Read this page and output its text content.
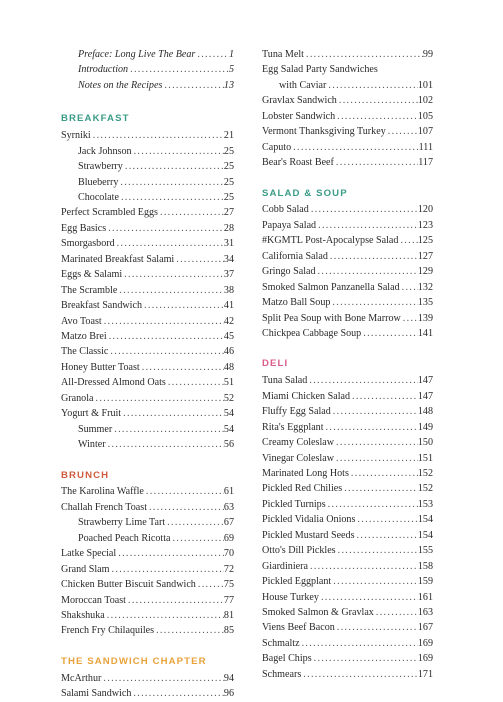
Preface: Long Live The Bear . . .	1
Introduction . . .	5
Notes on the Recipes . . .	13
BREAKFAST
Syrniki . . .	21
Jack Johnson . . .	25
Strawberry . . .	25
Blueberry . . .	25
Chocolate . . .	25
Perfect Scrambled Eggs . . .	27
Egg Basics . . .	28
Smorgasbord . . .	31
Marinated Breakfast Salami . . .	34
Eggs & Salami . . .	37
The Scramble . . .	38
Breakfast Sandwich . . .	41
Avo Toast . . .	42
Matzo Brei . . .	45
The Classic . . .	46
Honey Butter Toast . . .	48
All-Dressed Almond Oats . . .	51
Granola . . .	52
Yogurt & Fruit . . .	54
Summer . . .	54
Winter . . .	56
BRUNCH
The Karolina Waffle . . .	61
Challah French Toast . . .	63
Strawberry Lime Tart . . .	67
Poached Peach Ricotta . . .	69
Latke Special . . .	70
Grand Slam . . .	72
Chicken Butter Biscuit Sandwich . . .	75
Moroccan Toast . . .	77
Shakshuka . . .	81
French Fry Chilaquiles . . .	85
THE SANDWICH CHAPTER
McArthur . . .	94
Salami Sandwich . . .	96
Tuna Melt . . .	99
Egg Salad Party Sandwiches
with Caviar . . .	101
Gravlax Sandwich . . .	102
Lobster Sandwich . . .	105
Vermont Thanksgiving Turkey . . .	107
Caputo . . .	111
Bear's Roast Beef . . .	117
SALAD & SOUP
Cobb Salad . . .	120
Papaya Salad . . .	123
#KGMTL Post-Apocalypse Salad . . . 125
California Salad . . .	127
Gringo Salad . . .	129
Smoked Salmon Panzanella Salad . . . 132
Matzo Ball Soup . . .	135
Split Pea Soup with Bone Marrow . . . 139
Chickpea Cabbage Soup . . .	141
DELI
Tuna Salad . . .	147
Miami Chicken Salad . . .	147
Fluffy Egg Salad . . .	148
Rita's Eggplant . . .	149
Creamy Coleslaw . . .	150
Vinegar Coleslaw . . .	151
Marinated Long Hots . . .	152
Pickled Red Chilies . . .	152
Pickled Turnips . . .	153
Pickled Vidalia Onions . . .	154
Pickled Mustard Seeds . . .	154
Otto's Dill Pickles . . .	155
Giardiniera . . .	158
Pickled Eggplant . . .	159
House Turkey . . .	161
Smoked Salmon & Gravlax . . .	163
Viens Beef Bacon . . .	167
Schmaltz . . .	169
Bagel Chips . . .	169
Schmears . . .	171
